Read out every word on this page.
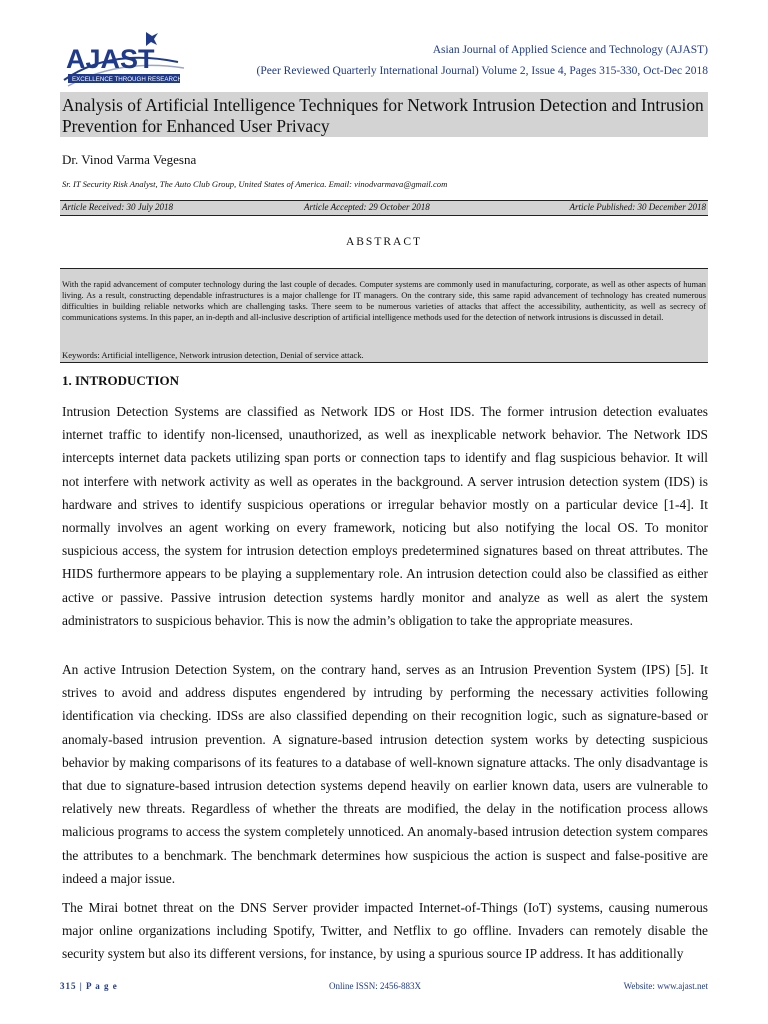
AJAST
EXCELLENCE THROUGH RESEARCH
Asian Journal of Applied Science and Technology (AJAST)
(Peer Reviewed Quarterly International Journal) Volume 2, Issue 4, Pages 315-330, Oct-Dec 2018
Analysis of Artificial Intelligence Techniques for Network Intrusion Detection and Intrusion Prevention for Enhanced User Privacy
Dr. Vinod Varma Vegesna
Sr. IT Security Risk Analyst, The Auto Club Group, United States of America. Email: vinodvarmava@gmail.com
Article Received: 30 July 2018	Article Accepted: 29 October 2018	Article Published: 30 December 2018
ABSTRACT

With the rapid advancement of computer technology during the last couple of decades. Computer systems are commonly used in manufacturing, corporate, as well as other aspects of human living. As a result, constructing dependable infrastructures is a major challenge for IT managers. On the contrary side, this same rapid advancement of technology has created numerous difficulties in building reliable networks which are challenging tasks. There seem to be numerous varieties of attacks that affect the accessibility, authenticity, as well as secrecy of communications systems. In this paper, an in-depth and all-inclusive description of artificial intelligence methods used for the detection of network intrusions is discussed in detail.

Keywords: Artificial intelligence, Network intrusion detection, Denial of service attack.
1. INTRODUCTION

Intrusion Detection Systems are classified as Network IDS or Host IDS. The former intrusion detection evaluates internet traffic to identify non-licensed, unauthorized, as well as inexplicable network behavior. The Network IDS intercepts internet data packets utilizing span ports or connection taps to identify and flag suspicious behavior. It will not interfere with network activity as well as operates in the background. A server intrusion detection system (IDS) is hardware and strives to identify suspicious operations or irregular behavior mostly on a particular device [1-4]. It normally involves an agent working on every framework, noticing but also notifying the local OS. To monitor suspicious access, the system for intrusion detection employs predetermined signatures based on threat attributes. The HIDS furthermore appears to be playing a supplementary role. An intrusion detection could also be classified as either active or passive. Passive intrusion detection systems hardly monitor and analyze as well as alert the system administrators to suspicious behavior. This is now the admin’s obligation to take the appropriate measures.

An active Intrusion Detection System, on the contrary hand, serves as an Intrusion Prevention System (IPS) [5]. It strives to avoid and address disputes engendered by intruding by performing the necessary activities following identification via checking. IDSs are also classified depending on their recognition logic, such as signature-based or anomaly-based intrusion prevention. A signature-based intrusion detection system works by detecting suspicious behavior by making comparisons of its features to a database of well-known signature attacks. The only disadvantage is that due to signature-based intrusion detection systems depend heavily on earlier known data, users are vulnerable to relatively new threats. Regardless of whether the threats are modified, the delay in the notification process allows malicious programs to access the system completely unnoticed. An anomaly-based intrusion detection system compares the attributes to a benchmark. The benchmark determines how suspicious the action is suspect and false-positive are indeed a major issue.

The Mirai botnet threat on the DNS Server provider impacted Internet-of-Things (IoT) systems, causing numerous major online organizations including Spotify, Twitter, and Netflix to go offline. Invaders can remotely disable the security system but also its different versions, for instance, by using a spurious source IP address. It has additionally

315 | P a g e	Online ISSN: 2456-883X	Website: www.ajast.net
